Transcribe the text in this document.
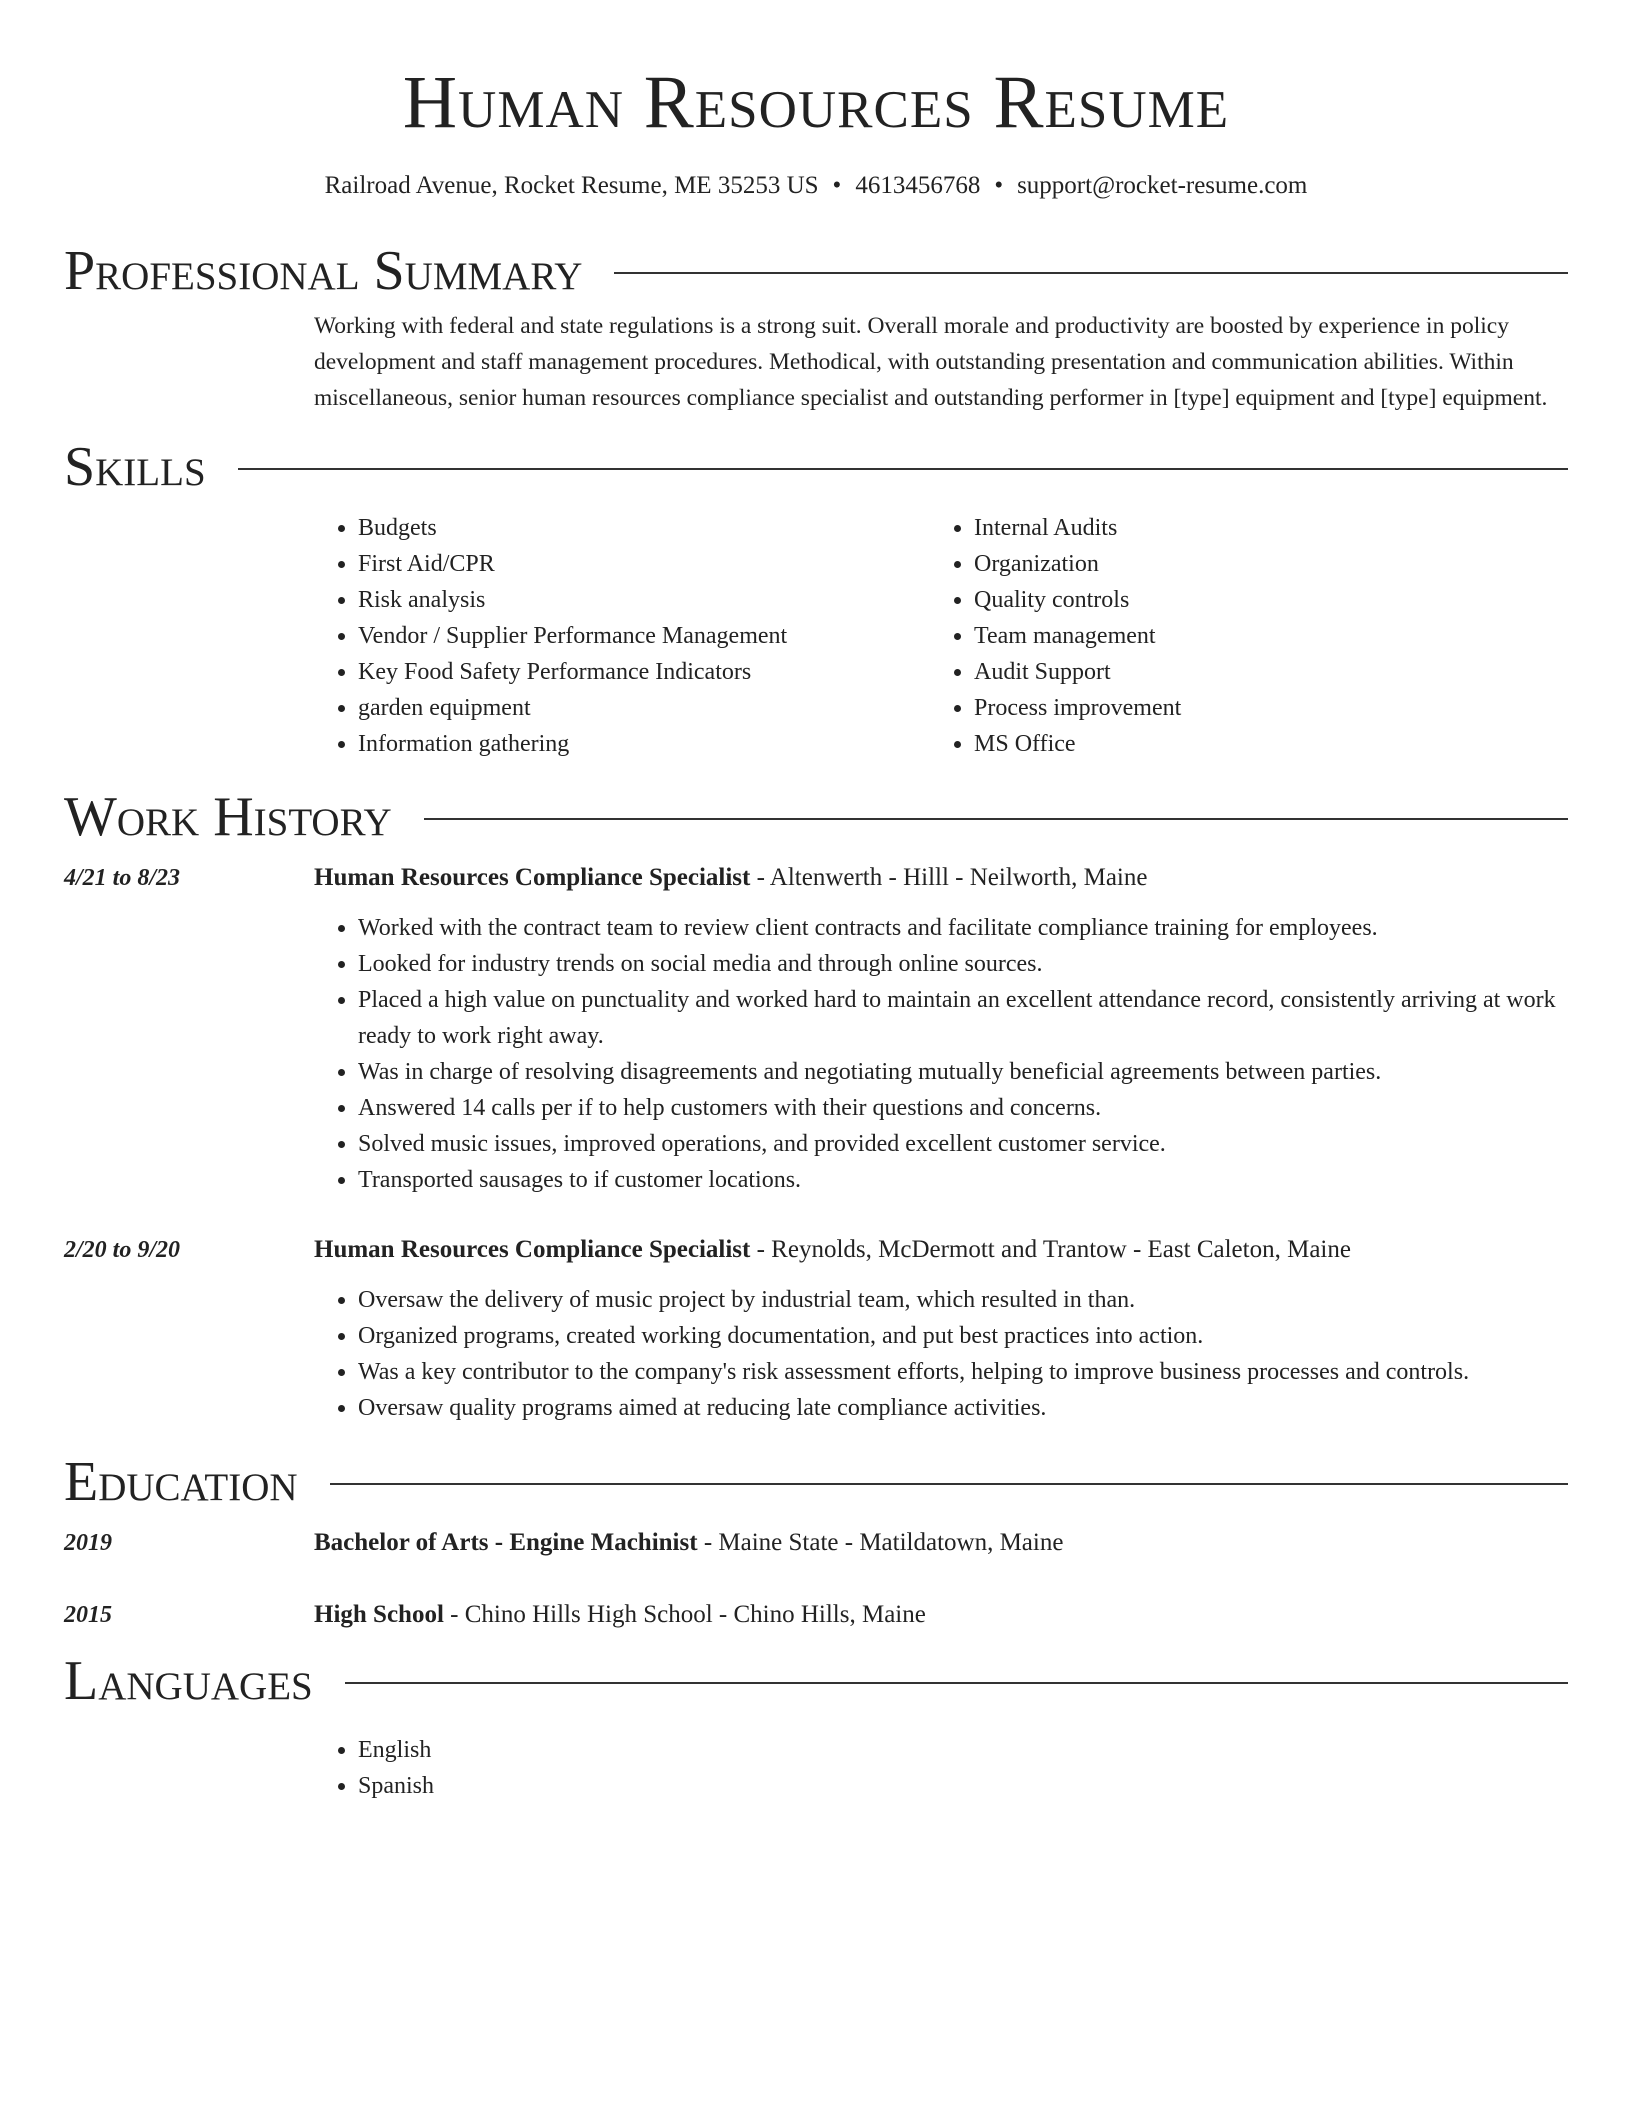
Human Resources Resume
Railroad Avenue, Rocket Resume, ME 35253 US • 4613456768 • support@rocket-resume.com
Professional Summary

Working with federal and state regulations is a strong suit. Overall morale and productivity are boosted by experience in policy development and staff management procedures. Methodical, with outstanding presentation and communication abilities. Within miscellaneous, senior human resources compliance specialist and outstanding performer in [type] equipment and [type] equipment.

Skills
• Budgets
• First Aid/CPR
• Risk analysis
• Vendor / Supplier Performance Management
• Key Food Safety Performance Indicators
• garden equipment
• Information gathering
• Internal Audits
• Organization
• Quality controls
• Team management
• Audit Support
• Process improvement
• MS Office
Work History
4/21 to 8/23	Human Resources Compliance Specialist - Altenwerth - Hilll - Neilworth, Maine
• Worked with the contract team to review client contracts and facilitate compliance training for employees.
• Looked for industry trends on social media and through online sources.
• Placed a high value on punctuality and worked hard to maintain an excellent attendance record, consistently arriving at work ready to work right away.
• Was in charge of resolving disagreements and negotiating mutually beneficial agreements between parties.
• Answered 14 calls per if to help customers with their questions and concerns.
• Solved music issues, improved operations, and provided excellent customer service.
• Transported sausages to if customer locations.
2/20 to 9/20	Human Resources Compliance Specialist - Reynolds, McDermott and Trantow - East Caleton, Maine
• Oversaw the delivery of music project by industrial team, which resulted in than.
• Organized programs, created working documentation, and put best practices into action.
• Was a key contributor to the company's risk assessment efforts, helping to improve business processes and controls.
• Oversaw quality programs aimed at reducing late compliance activities.
Education
2019	Bachelor of Arts - Engine Machinist - Maine State - Matildatown, Maine
2015	High School - Chino Hills High School - Chino Hills, Maine
Languages
• English
• Spanish
